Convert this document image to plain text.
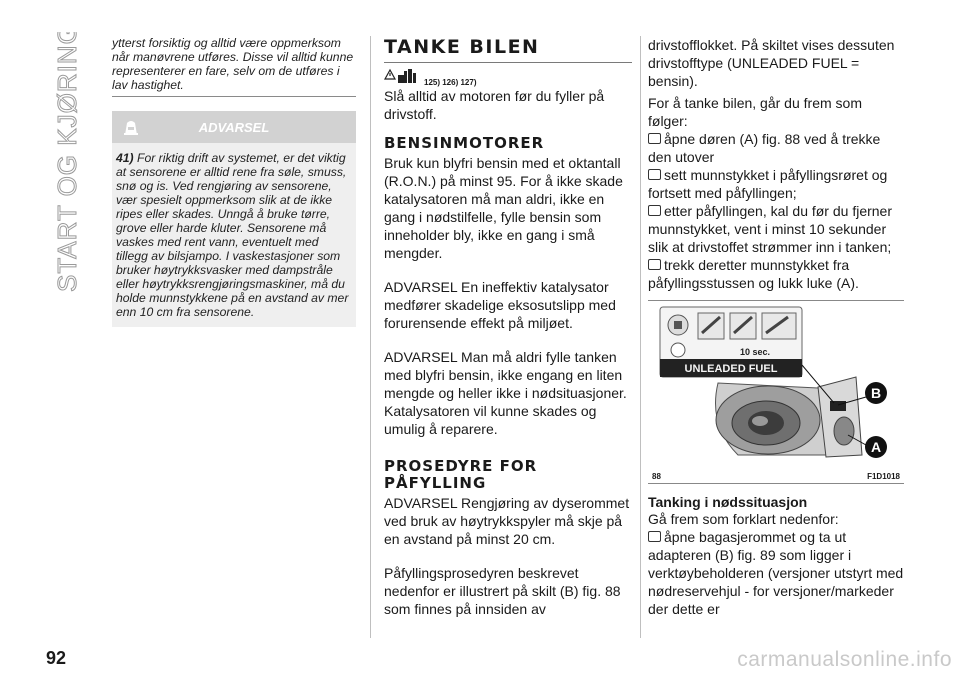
START OG KJØRING ytterst forsiktig og alltid være oppmerksom når manøvrene utføres. Disse vil alltid kunne representerer en fare, selv om de utføres i lav hastighet.
ADVARSEL
41) For riktig drift av systemet, er det viktig at sensorene er alltid rene fra søle, smuss, snø og is. Ved rengjøring av sensorene, vær spesielt oppmerksom slik at de ikke ripes eller skades. Unngå å bruke tørre, grove eller harde kluter. Sensorene må vaskes med rent vann, eventuelt med tillegg av bilsjampo. I vaskestasjoner som bruker høytrykksvasker med dampstråle eller høytrykksrengjøringsmaskiner, må du holde munnstykkene på en avstand av mer enn 10 cm fra sensorene.
TANKE BILEN
125) 126) 127)

Slå alltid av motoren før du fyller på drivstoff.

BENSINMOTORER

Bruk kun blyfri bensin med et oktantall (R.O.N.) på minst 95. For å ikke skade katalysatoren må man aldri, ikke en gang i nødstilfelle, fylle bensin som inneholder bly, ikke en gang i små mengder.

ADVARSEL En ineffektiv katalysator medfører skadelige eksosutslipp med forurensende effekt på miljøet.

ADVARSEL Man må aldri fylle tanken med blyfri bensin, ikke engang en liten mengde og heller ikke i nødsituasjoner. Katalysatoren vil kunne skades og umulig å reparere.

PROSEDYRE FOR PÅFYLLING

ADVARSEL Rengjøring av dyserommet ved bruk av høytrykkspyler må skje på en avstand på minst 20 cm.

Påfyllingsprosedyren beskrevet nedenfor er illustrert på skilt (B) fig. 88 som finnes på innsiden av

drivstofflokket. På skiltet vises dessuten drivstofftype (UNLEADED FUEL = bensin).

For å tanke bilen, går du frem som følger:

åpne døren (A) fig. 88 ved å trekke den utover

sett munnstykket i påfyllingsrøret og fortsett med påfyllingen;

etter påfyllingen, kal du før du fjerner munnstykket, vent i minst 10 sekunder slik at drivstoffet strømmer inn i tanken;

trekk deretter munnstykket fra påfyllingsstussen og lukk luke (A).

10 sec.
UNLEADED FUEL
B
A
88	F1D1018
Tanking i nødssituasjon

Gå frem som forklart nedenfor:

åpne bagasjerommet og ta ut adapteren (B) fig. 89 som ligger i verktøybeholderen (versjoner utstyrt med nødreservehjul - for versjoner/markeder der dette er

92	carmanualsonline.info
